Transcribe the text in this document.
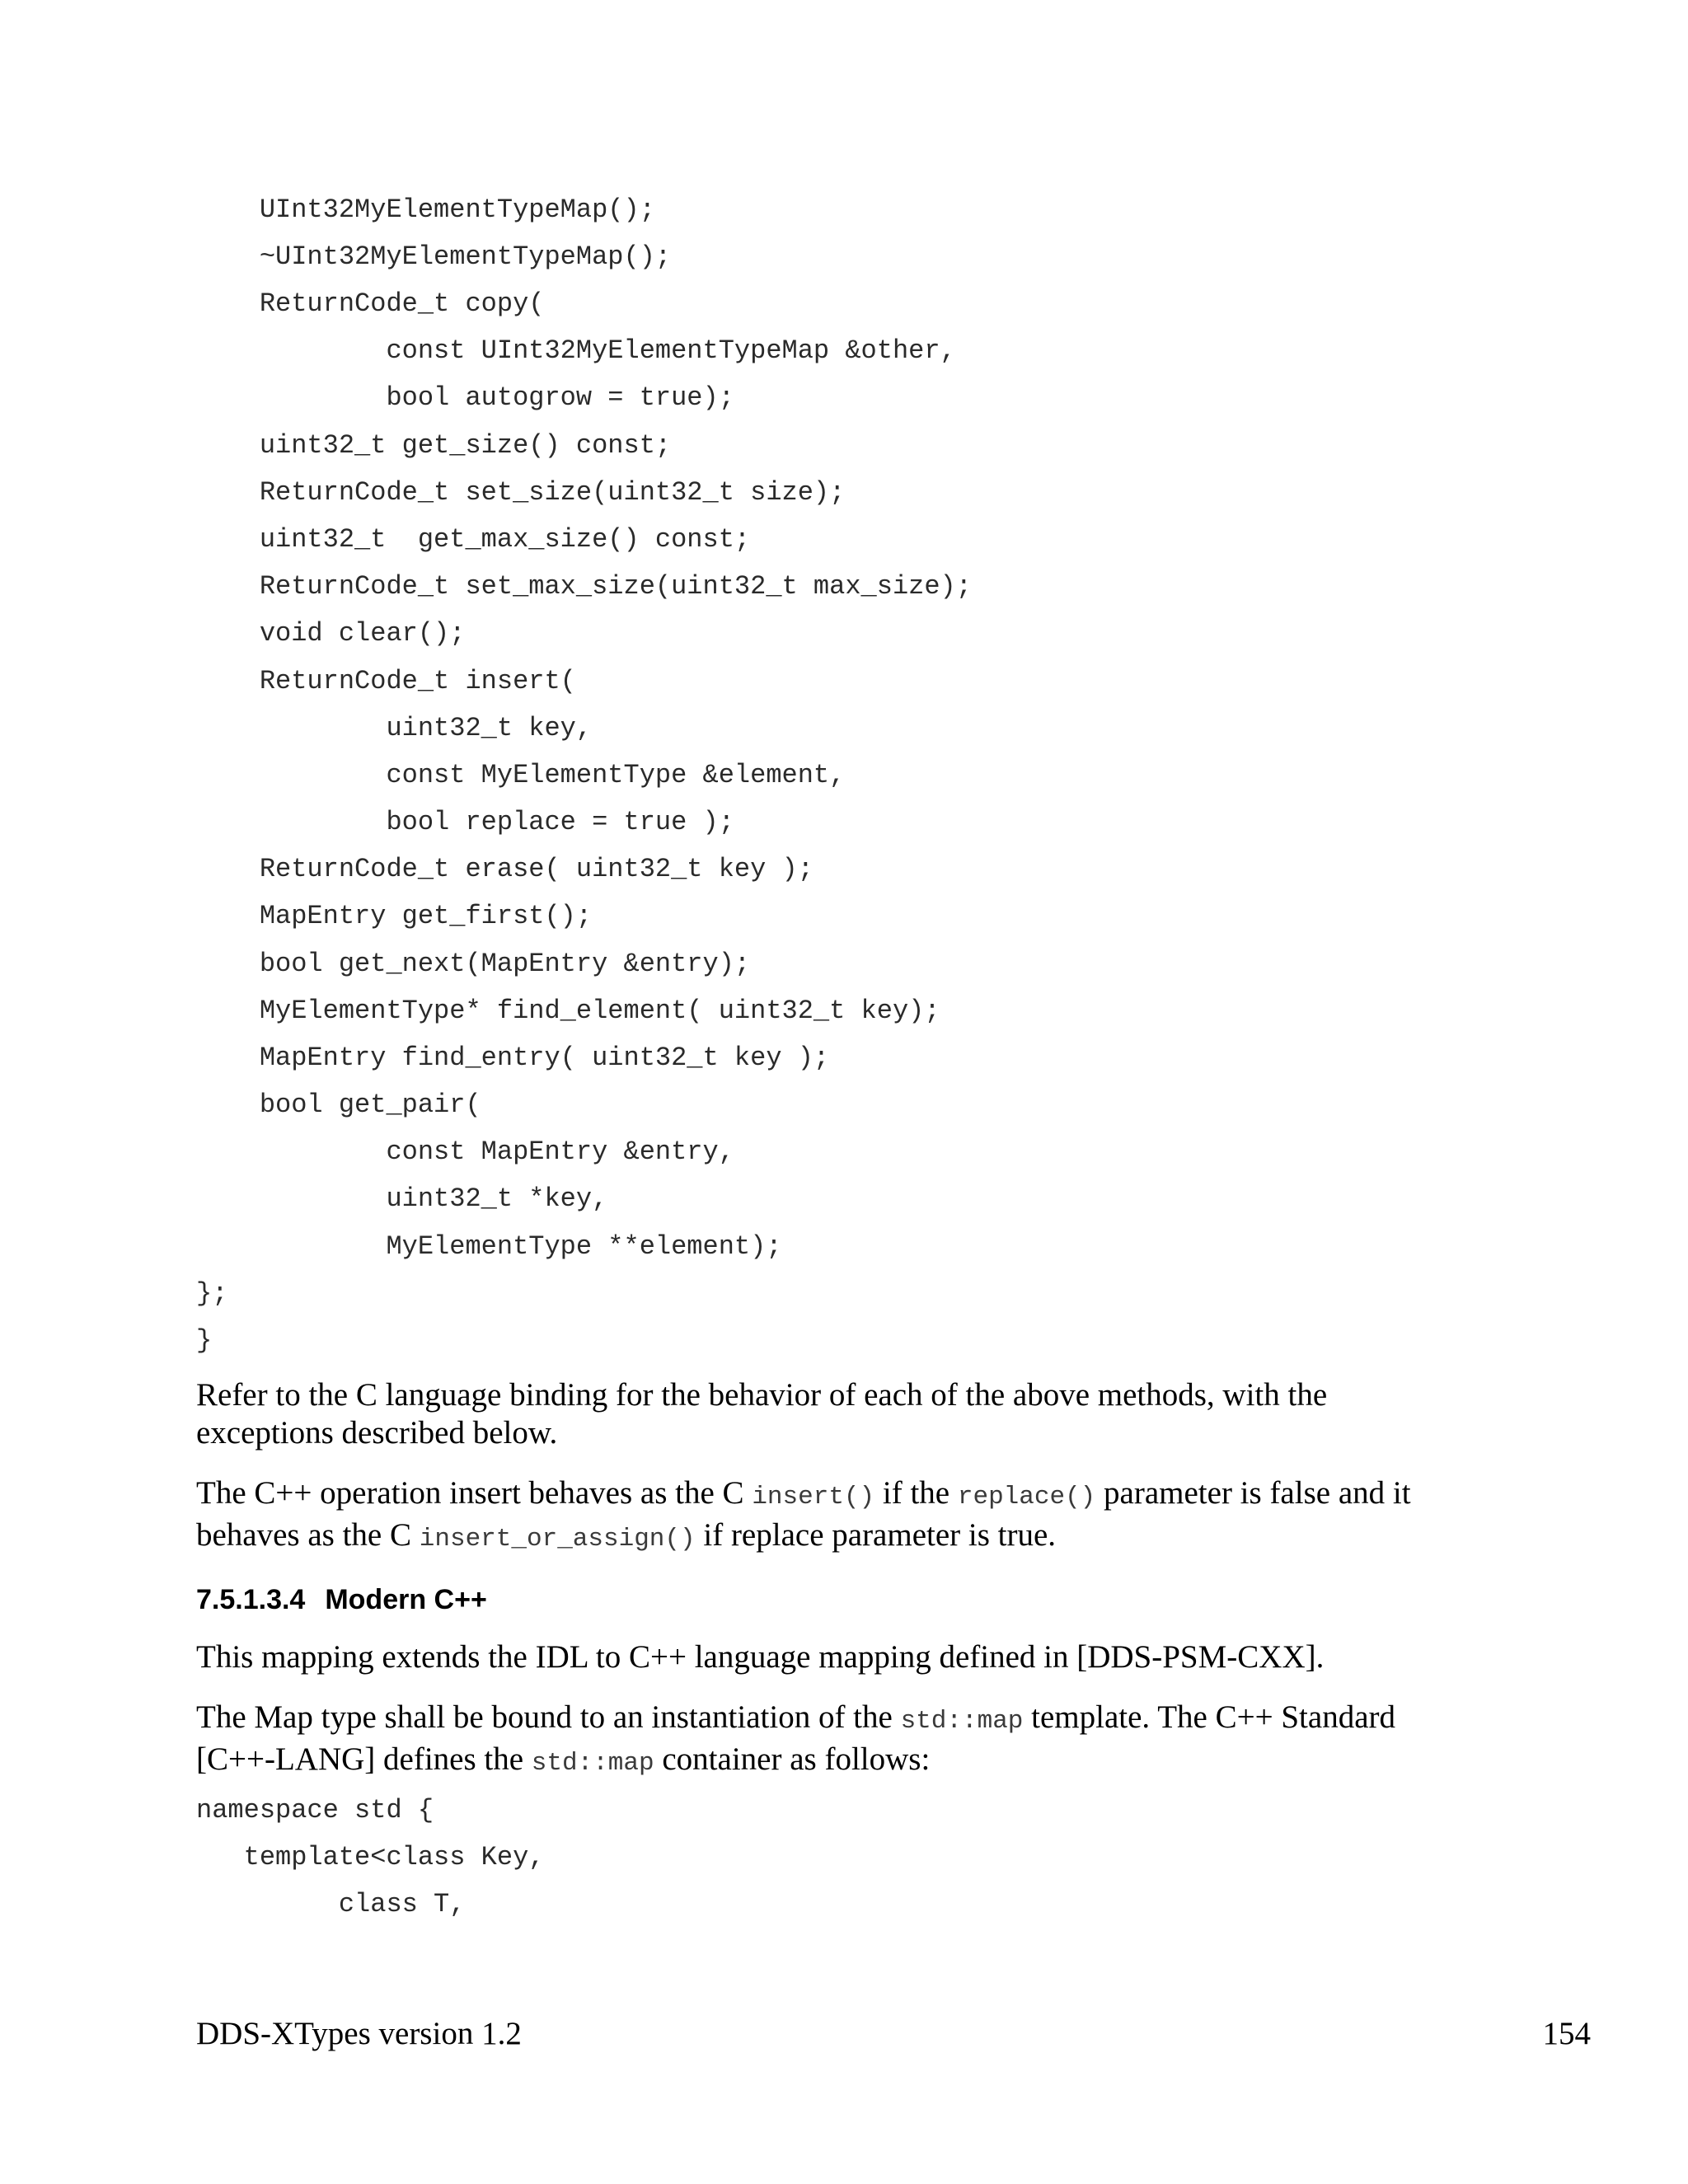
UInt32MyElementTypeMap();
~UInt32MyElementTypeMap();
ReturnCode_t copy(
const UInt32MyElementTypeMap &other,
bool autogrow = true);
uint32_t get_size() const;
ReturnCode_t set_size(uint32_t size);
uint32_t  get_max_size() const;
ReturnCode_t set_max_size(uint32_t max_size);
void clear();
ReturnCode_t insert(
uint32_t key,
const MyElementType &element,
bool replace = true );
ReturnCode_t erase( uint32_t key );
MapEntry get_first();
bool get_next(MapEntry &entry);
MyElementType* find_element( uint32_t key);
MapEntry find_entry( uint32_t key );
bool get_pair(
const MapEntry &entry,
uint32_t *key,
MyElementType **element);
};
}
Refer to the C language binding for the behavior of each of the above methods, with the
exceptions described below.
The C++ operation insert behaves as the C insert() if the replace() parameter is false and it
behaves as the C insert_or_assign() if replace parameter is true.
7.5.1.3.4 Modern C++
This mapping extends the IDL to C++ language mapping defined in [DDS-PSM-CXX].
The Map type shall be bound to an instantiation of the std::map template. The C++ Standard
[C++-LANG] defines the std::map container as follows:
namespace std {
template<class Key,
class T,
DDS-XTypes version 1.2	154
